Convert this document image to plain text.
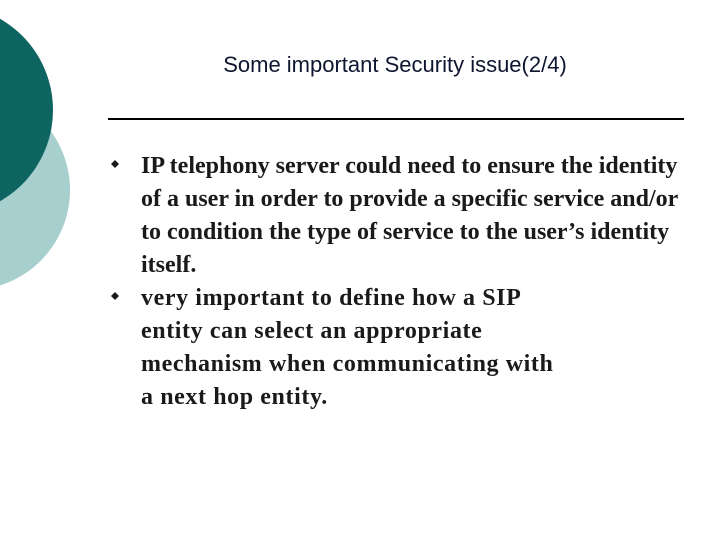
Some important Security issue(2/4)
IP telephony server could need to ensure the identity of a user in order to provide a specific service and/or to condition the type of service to the user’s identity itself.
very important to define how a SIP entity can select an appropriate mechanism when communicating with a next hop entity.
